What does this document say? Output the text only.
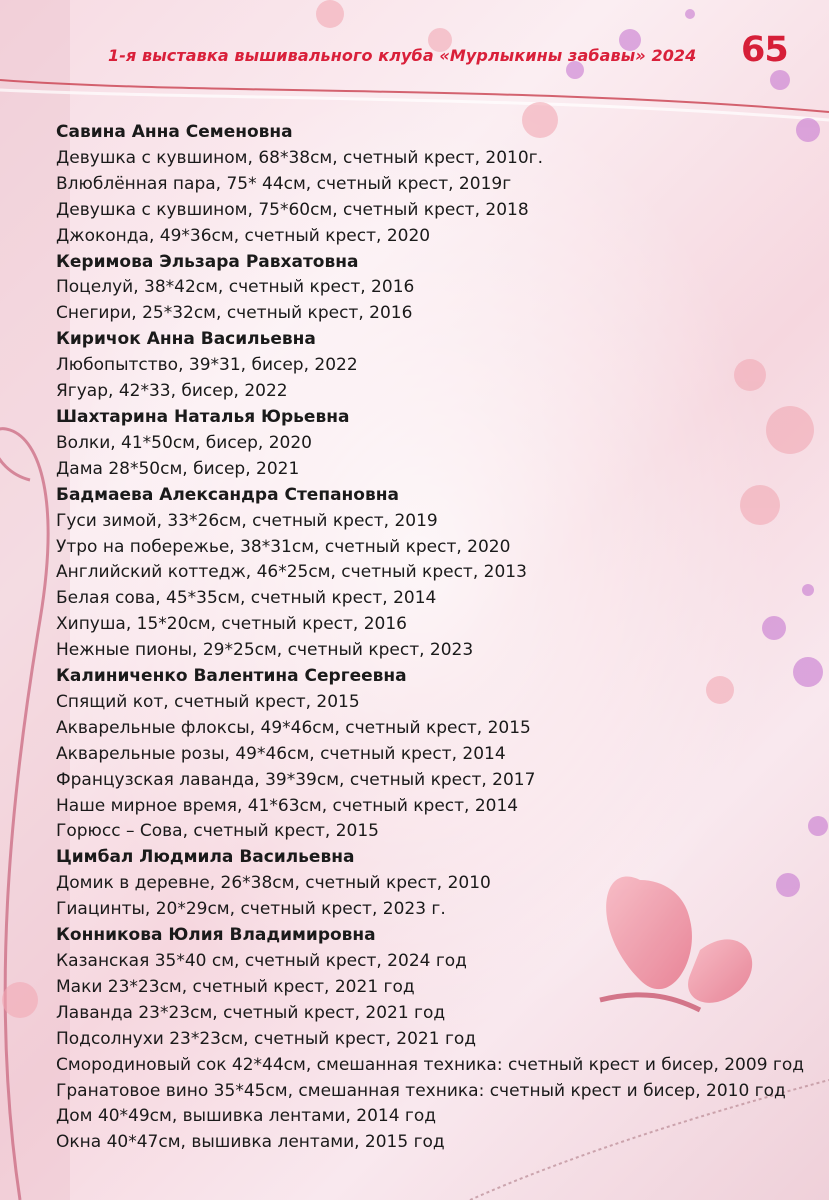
1-я выставка вышивального клуба «Мурлыкины забавы» 2024 65
Савина Анна Семеновна
Девушка с кувшином, 68*38см, счетный крест, 2010г.
Влюблённая пара, 75* 44см, счетный крест, 2019г
Девушка с кувшином, 75*60см, счетный крест, 2018
Джоконда, 49*36см, счетный крест, 2020
Керимова Эльзара Равхатовна
Поцелуй, 38*42см, счетный крест, 2016
Снегири, 25*32см, счетный крест, 2016
Киричок Анна Васильевна
Любопытство, 39*31, бисер, 2022
Ягуар, 42*33, бисер, 2022
Шахтарина Наталья Юрьевна
Волки, 41*50см, бисер, 2020
Дама 28*50см, бисер, 2021
Бадмаева Александра Степановна
Гуси зимой, 33*26см, счетный крест, 2019
Утро на побережье, 38*31см, счетный крест, 2020
Английский коттедж, 46*25см, счетный крест, 2013
Белая сова, 45*35см, счетный крест, 2014
Хипуша, 15*20см, счетный крест, 2016
Нежные пионы, 29*25см, счетный крест, 2023
Калиниченко Валентина Сергеевна
Спящий кот, счетный крест, 2015
Акварельные флоксы, 49*46см, счетный крест, 2015
Акварельные розы, 49*46см, счетный крест, 2014
Французская лаванда, 39*39см, счетный крест, 2017
Наше мирное время, 41*63см, счетный крест, 2014
Горюсс – Сова, счетный крест, 2015
Цимбал Людмила Васильевна
Домик в деревне, 26*38см, счетный крест, 2010
Гиацинты, 20*29см, счетный крест, 2023 г.
Конникова Юлия Владимировна
Казанская 35*40 см, счетный крест, 2024 год
Маки 23*23см, счетный крест, 2021 год
Лаванда 23*23см, счетный крест, 2021 год
Подсолнухи 23*23см, счетный крест, 2021 год
Смородиновый сок 42*44см, смешанная техника: счетный крест и бисер, 2009 год
Гранатовое вино 35*45см, смешанная техника: счетный крест и бисер, 2010 год
Дом 40*49см, вышивка лентами, 2014 год
Окна 40*47см, вышивка лентами, 2015 год
